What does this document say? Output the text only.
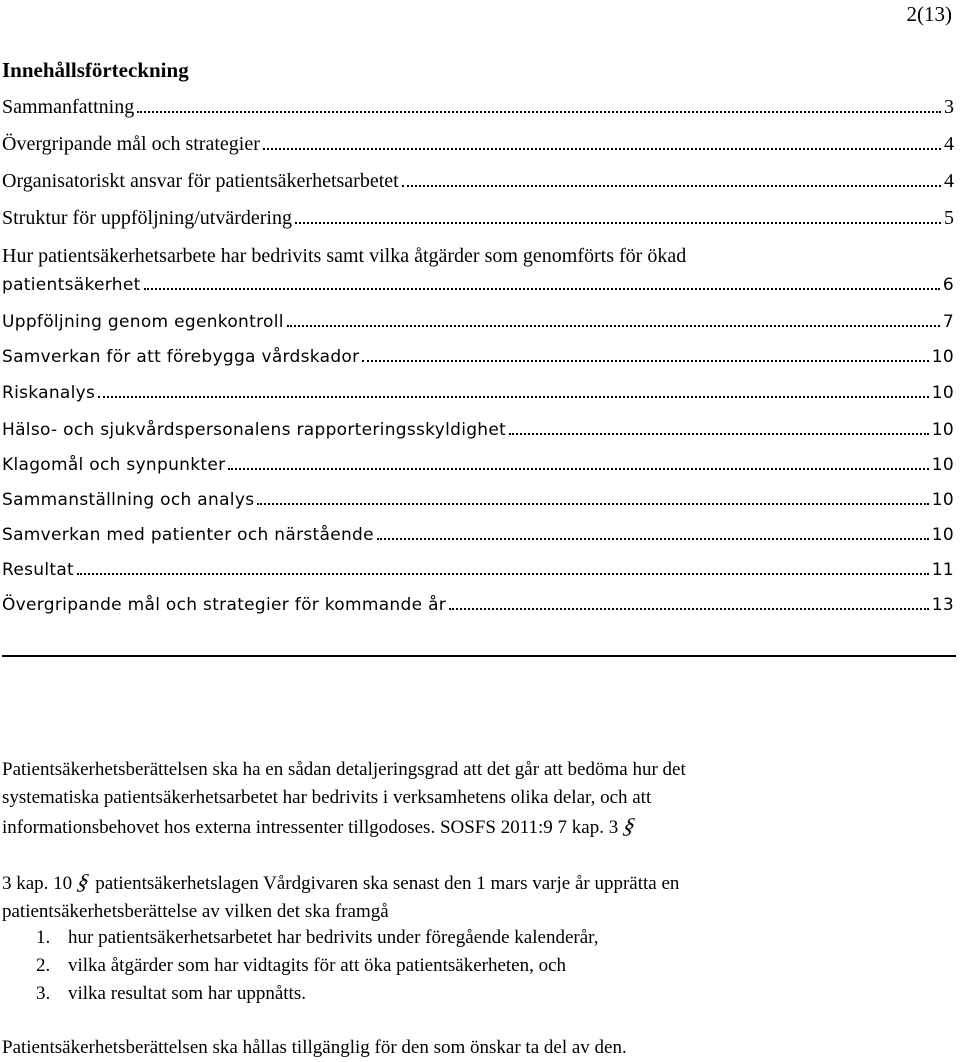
2(13)
Innehållsförteckning
Sammanfattning	3
Övergripande mål och strategier	4
Organisatoriskt ansvar för patientsäkerhetsarbetet	4
Struktur för uppföljning/utvärdering	5
Hur patientsäkerhetsarbete har bedrivits samt vilka åtgärder som genomförts för ökad
patientsäkerhet	6
Uppföljning genom egenkontroll	7
Samverkan för att förebygga vårdskador	10
Riskanalys	10
Hälso- och sjukvårdspersonalens rapporteringsskyldighet	10
Klagomål och synpunkter	10
Sammanställning och analys	10
Samverkan med patienter och närstående	10
Resultat	11
Övergripande mål och strategier för kommande år	13
Patientsäkerhetsberättelsen ska ha en sådan detaljeringsgrad att det går att bedöma hur det
systematiska patientsäkerhetsarbetet har bedrivits i verksamhetens olika delar, och att
informationsbehovet hos externa intressenter tillgodoses. SOSFS 2011:9 7 kap. 3§
3 kap. 10§patientsäkerhetslagen Vårdgivaren ska senast den 1 mars varje år upprätta en
patientsäkerhetsberättelse av vilken det ska framgå
1. hur patientsäkerhetsarbetet har bedrivits under föregående kalenderår,
2. vilka åtgärder som har vidtagits för att öka patientsäkerheten, och
3. vilka resultat som har uppnåtts.
Patientsäkerhetsberättelsen ska hållas tillgänglig för den som önskar ta del av den.
